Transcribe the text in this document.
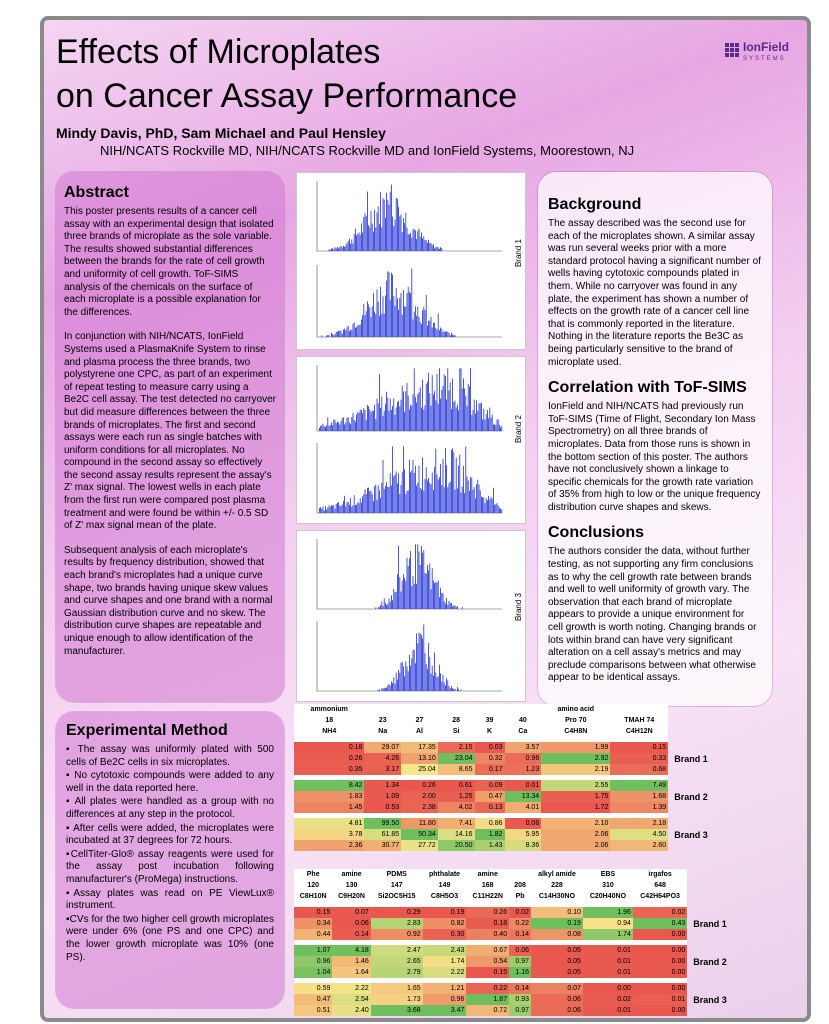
Effects of Microplates
on Cancer Assay Performance
IonField
SYSTEMS

Mindy Davis, PhD, Sam Michael and Paul Hensley

NIH/NCATS Rockville MD, NIH/NCATS Rockville MD and IonField Systems, Moorestown, NJ

Abstract

This poster presents results of a cancer cell assay with an experimental design that isolated three brands of microplate as the sole variable. The results showed substantial differences between the brands for the rate of cell growth and uniformity of cell growth. ToF-SIMS analysis of the chemicals on the surface of each microplate is a possible explanation for the differences.

In conjunction with NIH/NCATS, IonField Systems used a PlasmaKnife System to rinse and plasma process the three brands, two polystyrene one CPC, as part of an experiment of repeat testing to measure carry using a Be2C cell assay. The test detected no carryover but did measure differences between the three brands of microplates. The first and second assays were each run as single batches with uniform conditions for all microplates. No compound in the second assay so effectively the second assay results represent the assay's Z' max signal. The lowest wells in each plate from the first run were compared post plasma treatment and were found be within +/- 0.5 SD of Z' max signal mean of the plate.

Subsequent analysis of each microplate's results by frequency distribution, showed that each brand's microplates had a unique curve shape, two brands having unique skew values and curve shapes and one brand with a normal Gaussian distribution curve and no skew. The distribution curve shapes are repeatable and unique enough to allow identification of the manufacturer.

Experimental Method
▪ The assay was uniformly plated with 500 cells of Be2C cells in six microplates.
▪ No cytotoxic compounds were added to any well in the data reported here.
▪ All plates were handled as a group with no differences at any step in the protocol.
▪ After cells were added, the microplates were incubated at 37 degrees for 72 hours.
▪CellTiter-Glo® assay reagents were used for the assay post incubation following manufacturer's (ProMega) instructions.
▪Assay plates was read on PE ViewLux® instrument.
▪CVs for the two higher cell growth microplates were under 6% (one PS and one CPC) and the lower growth microplate was 10% (one PS).
Brand 1
Brand 2
Brand 3
Background

The assay described was the second use for each of the microplates shown. A similar assay was run several weeks prior with a more standard protocol having a significant number of wells having cytotoxic compounds plated in them. While no carryover was found in any plate, the experiment has shown a number of effects on the growth rate of a cancer cell line that is commonly reported in the literature. Nothing in the literature reports the Be3C as being particularly sensitive to the brand of microplate used.

Correlation with ToF-SIMS

IonField and NIH/NCATS had previously run ToF-SIMS (Time of Flight, Secondary Ion Mass Spectrometry) on all three brands of microplates. Data from those runs is shown in the bottom section of this poster. The authors have not conclusively shown a linkage to specific chemicals for the growth rate variation of 35% from high to low or the unique frequency distribution curve shapes and skews.

Conclusions

The authors consider the data, without further testing, as not supporting any firm conclusions as to why the cell growth rate between brands and well to well uniformity of growth vary. The observation that each brand of microplate appears to provide a unique environment for cell growth is worth noting. Changing brands or lots within brand can have very significant alteration on a cell assay's metrics and may preclude comparisons between what otherwise appear to be identical assays.

ammonium						amino acid		
18	23	27	28	39	40	Pro 70	TMAH 74	
NH4	Na	Al	Si	K	Ca	C4H8N	C4H12N	

0.18	29.07	17.35	2.15	0.03	3.57	1.99	0.15	
0.26	4.26	13.10	23.04	0.32	0.96	2.92	0.33	Brand 1
0.35	3.17	25.04	8.65	0.17	1.23	2.19	0.68	

8.42	1.34	0.26	0.61	0.09	0.01	2.55	7.49	
1.83	1.09	2.00	1.25	0.47	13.34	1.75	1.68	Brand 2
1.45	0.53	2.38	4.02	0.13	4.01	1.72	1.39	

4.81	99.50	11.80	7.41	0.86	0.06	2.10	2.18	
3.78	61.85	50.34	14.16	1.82	5.95	2.06	4.50	Brand 3
2.36	30.77	27.72	20.50	1.43	8.36	2.06	2.60	
Phe	amine	PDMS	phthalate	amine		alkyl amide	EBS	irgafos	
120	130	147	149	168	208	228	310	648	
C8H10N	C9H20N	Si2OC5H15	C8H5O3	C11H22N	Pb	C14H30NO	C20H40NO	C42H64PO3	

0.15	0.07	0.29	0.19	0.26	0.02	0.10	1.96	0.02	
0.34	0.06	2.83	0.82	0.18	0.22	0.19	0.94	0.43	Brand 1
0.44	0.14	0.92	0.30	0.40	0.14	0.08	1.74	0.00	

1.07	4.18	2.47	2.43	0.67	0.06	0.05	0.01	0.00	
0.96	1.46	2.65	1.74	0.54	0.97	0.05	0.01	0.00	Brand 2
1.04	1.64	2.79	2.22	0.15	1.16	0.05	0.01	0.00	

0.59	2.22	1.65	1.21	0.22	0.14	0.07	0.00	0.00	
0.47	2.54	1.73	0.96	1.87	0.93	0.06	0.02	0.01	Brand 3
0.51	2.40	3.68	3.47	0.72	0.97	0.06	0.01	0.00	
